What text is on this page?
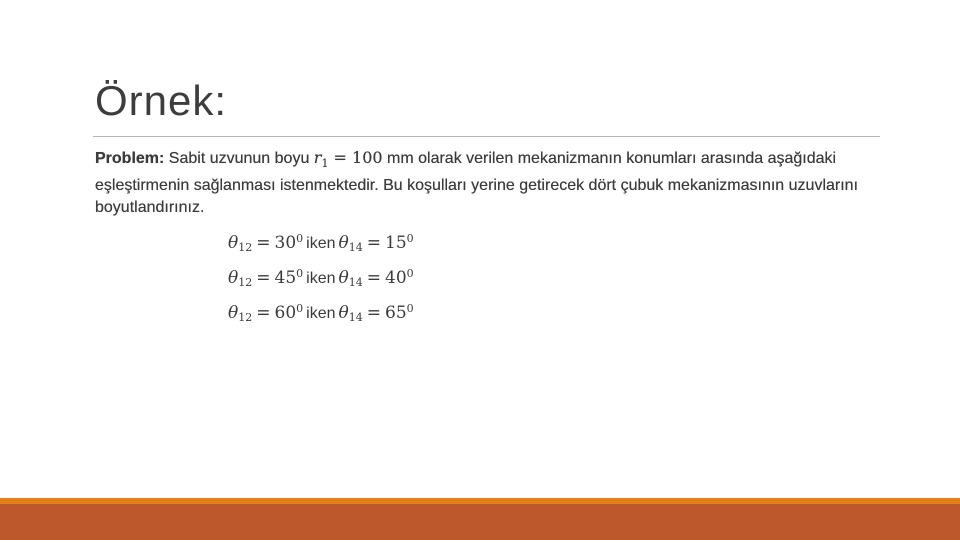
Örnek:
Problem: Sabit uzvunun boyu $r_1 = 100$ mm olarak verilen mekanizmanın konumları arasında aşağıdaki eşleştirmenin sağlanması istenmektedir. Bu koşulları yerine getirecek dört çubuk mekanizmasının uzuvlarını boyutlandırınız.
$\theta_{12} = 30^0$ iken $\theta_{14} = 15^0$
$\theta_{12} = 45^0$ iken $\theta_{14} = 40^0$
$\theta_{12} = 60^0$ iken $\theta_{14} = 65^0$
